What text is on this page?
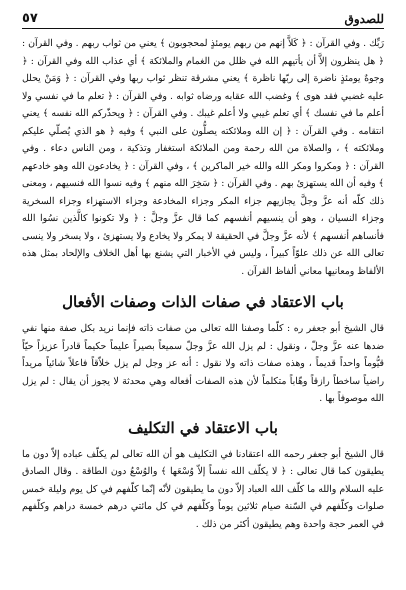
للصدوق
٥٧

رَبِّك . وفي القرآن : ﴿ كَلاَّ إنهم من ربهم يومئذٍ لمحجوبون ﴾ يعني من ثواب ربهم . وفي القرآن : ﴿ هل ينظرون إلاَّ أن يأتيهم الله في ظلل من الغمام والملائكة ﴾ أي عذاب الله وفي القرآن : ﴿ وجوهٌ يومئذٍ ناضرة إلى ربّها ناظرة ﴾ يعني مشرقة تنظر ثواب ربها وفي القرآن : ﴿ وَمَنْ يحلل عليه غضبي فقد هوى ﴾ وغضب الله عقابه ورضاه ثوابه . وفي القرآن : ﴿ تعلم ما في نفسي ولا أعلم ما في نفسك ﴾ أي تعلم غيبي ولا أعلم غيبك . وفي القرآن : ﴿ ويحذّركم الله نفسه ﴾ يعني انتقامه . وفي القرآن : ﴿ إن الله وملائكته يصلُّون على النبي ﴾ وفيه ﴿ هو الذي يُصلّي عليكم وملائكته ﴾ ، والصلاة من الله رحمة ومن الملائكة استغفار وتذكية ، ومن الناس دعاء . وفي القرآن : ﴿ ومكروا ومكر الله والله خير الماكرين ﴾ ، وفي القرآن : ﴿ يخادعون الله وهو خادعهم ﴾ وفيه أن الله يستهزئ بهم . وفي القرآن : ﴿ سَخِرَ الله منهم ﴾ وفيه نسوا الله فنسيهم ، ومعنى ذلك كلّه أنه عزَّ وجلَّ يجازيهم جزاء المكر وجزاء المخادعة وجزاء الاستهزاء وجزاء السخرية وجزاء النسيان ، وهو أن ينسيهم أنفسهم كما قال عزَّ وجلَّ : ﴿ ولا تكونوا كالَّذين نسُوا الله فأنساهم أنفسهم ﴾ لأنه عزَّ وجلَّ في الحقيقة لا يمكر ولا يخادع ولا يستهزئ ، ولا يسخر ولا ينسى تعالى الله عن ذلك علوّاً كبيراً ، وليس في الأخبار التي يشنع بها أهل الخلاف والإلحاد بمثل هذه الألفاظ ومعانيها معاني ألفاظ القرآن .

باب الاعتقاد في صفات الذات وصفات الأفعال

قال الشيخ أبو جعفر ره : كلّما وصفنا الله تعالى من صفات ذاته فإنما نريد بكل صفة منها نفي ضدها عنه عزَّ وجلّ ، ونقول : لم يزل الله عزَّ وجلّ سميعاً بصيراً عليماً حكيماً قادراً عزيزاً حيّاً قيُّوماً واحداً قديماً ، وهذه صفات ذاته ولا نقول : أنه عز وجل لم يزل خلاّقاً فاعلاً شائياً مريداً راضياً ساخطاً رازقاً وهّاباً متكلماً لأن هذه الصفات أفعاله وهي محدثة لا يجوز أن يقال : لم يزل الله موصوفاً بها .

باب الاعتقاد في التكليف

قال الشيخ أبو جعفر رحمه الله اعتقادنا في التكليف هو أن الله تعالى لم يكلّف عباده إلاّ دون ما يطيقون كما قال تعالى : ﴿ لا يكلّف الله نفساً إلاّ وُسْعَها ﴾ والوُسْعُ دون الطاقة . وقال الصادق عليه السلام والله ما كلّف الله العباد إلاّ دون ما يطيقون لأنّه إنّما كلّفهم في كل يوم وليلة خمس صلوات وكلّفهم في السّنة صيام ثلاثين يوماً وكلّفهم في كل مائتي درهم خمسة دراهم وكلّفهم في العمر حجة واحدة وهم يطيقون أكثر من ذلك .
